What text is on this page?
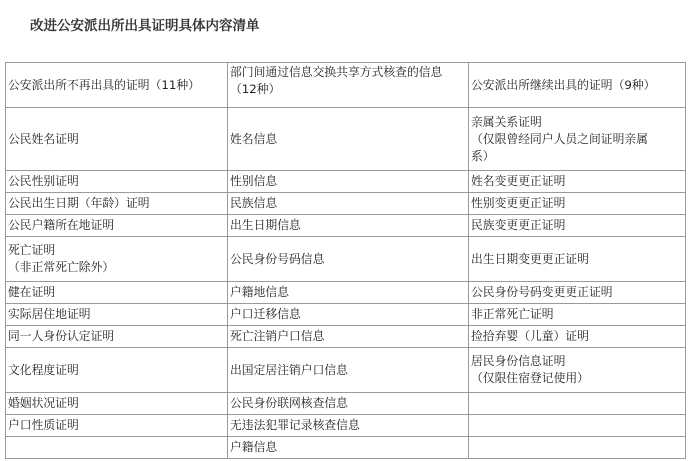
改进公安派出所出具证明具体内容清单
公安派出所不再出具的证明（11种）	部门间通过信息交换共享方式核查的信息（12种）	公安派出所继续出具的证明（9种）

公民姓名证明	姓名信息	亲属关系证明
（仅限曾经同户人员之间证明亲属
系）

公民性别证明	性别信息	姓名变更更正证明

公民出生日期（年龄）证明	民族信息	性别变更更正证明

公民户籍所在地证明	出生日期信息	民族变更更正证明

死亡证明
（非正常死亡除外）	公民身份号码信息	出生日期变更更正证明

健在证明	户籍地信息	公民身份号码变更更正证明

实际居住地证明	户口迁移信息	非正常死亡证明

同一人身份认定证明	死亡注销户口信息	捡拾弃婴（儿童）证明

文化程度证明	出国定居注销户口信息	居民身份信息证明
（仅限住宿登记使用）

婚姻状况证明	公民身份联网核查信息	

户口性质证明	无违法犯罪记录核查信息	

	户籍信息	
